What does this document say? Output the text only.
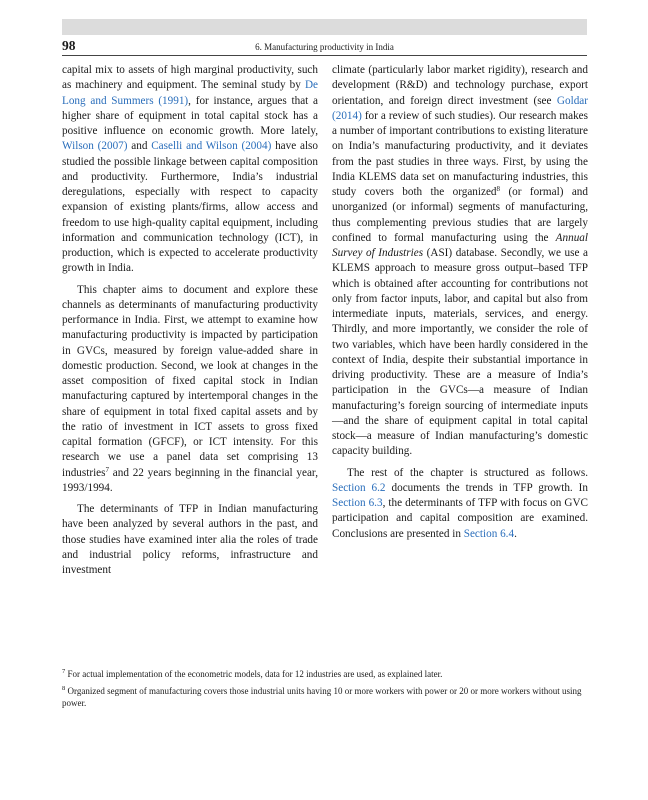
98	6. Manufacturing productivity in India

capital mix to assets of high marginal productivity, such as machinery and equipment. The seminal study by De Long and Summers (1991), for instance, argues that a higher share of equipment in total capital stock has a positive influence on economic growth. More lately, Wilson (2007) and Caselli and Wilson (2004) have also studied the possible linkage between capital composition and productivity. Furthermore, India’s industrial deregulations, especially with respect to capacity expansion of existing plants/firms, allow access and freedom to use high-quality capital equipment, including information and communication technology (ICT), in production, which is expected to accelerate productivity growth in India.

This chapter aims to document and explore these channels as determinants of manufacturing productivity performance in India. First, we attempt to examine how manufacturing productivity is impacted by participation in GVCs, measured by foreign value-added share in domestic production. Second, we look at changes in the asset composition of fixed capital stock in Indian manufacturing captured by intertemporal changes in the share of equipment in total fixed capital assets and by the ratio of investment in ICT assets to gross fixed capital formation (GFCF), or ICT intensity. For this research we use a panel data set comprising 13 industries$^7$ and 22 years beginning in the financial year, 1993/1994.

The determinants of TFP in Indian manufacturing have been analyzed by several authors in the past, and those studies have examined inter alia the roles of trade and industrial policy reforms, infrastructure and investment

climate (particularly labor market rigidity), research and development (R&D) and technology purchase, export orientation, and foreign direct investment (see Goldar (2014) for a review of such studies). Our research makes a number of important contributions to existing literature on India’s manufacturing productivity, and it deviates from the past studies in three ways. First, by using the India KLEMS data set on manufacturing industries, this study covers both the organized$^8$ (or formal) and unorganized (or informal) segments of manufacturing, thus complementing previous studies that are largely confined to formal manufacturing using the Annual Survey of Industries (ASI) database. Secondly, we use a KLEMS approach to measure gross output–based TFP which is obtained after accounting for contributions not only from factor inputs, labor, and capital but also from intermediate inputs, materials, services, and energy. Thirdly, and more importantly, we consider the role of two variables, which have been hardly considered in the context of India, despite their substantial importance in driving productivity. These are a measure of India’s participation in the GVCs—a measure of Indian manufacturing’s foreign sourcing of intermediate inputs—and the share of equipment capital in total capital stock—a measure of Indian manufacturing’s domestic capacity building.

The rest of the chapter is structured as follows. Section 6.2 documents the trends in TFP growth. In Section 6.3, the determinants of TFP with focus on GVC participation and capital composition are examined. Conclusions are presented in Section 6.4.

$^7$ For actual implementation of the econometric models, data for 12 industries are used, as explained later.

$^8$ Organized segment of manufacturing covers those industrial units having 10 or more workers with power or 20 or more workers without using power.
